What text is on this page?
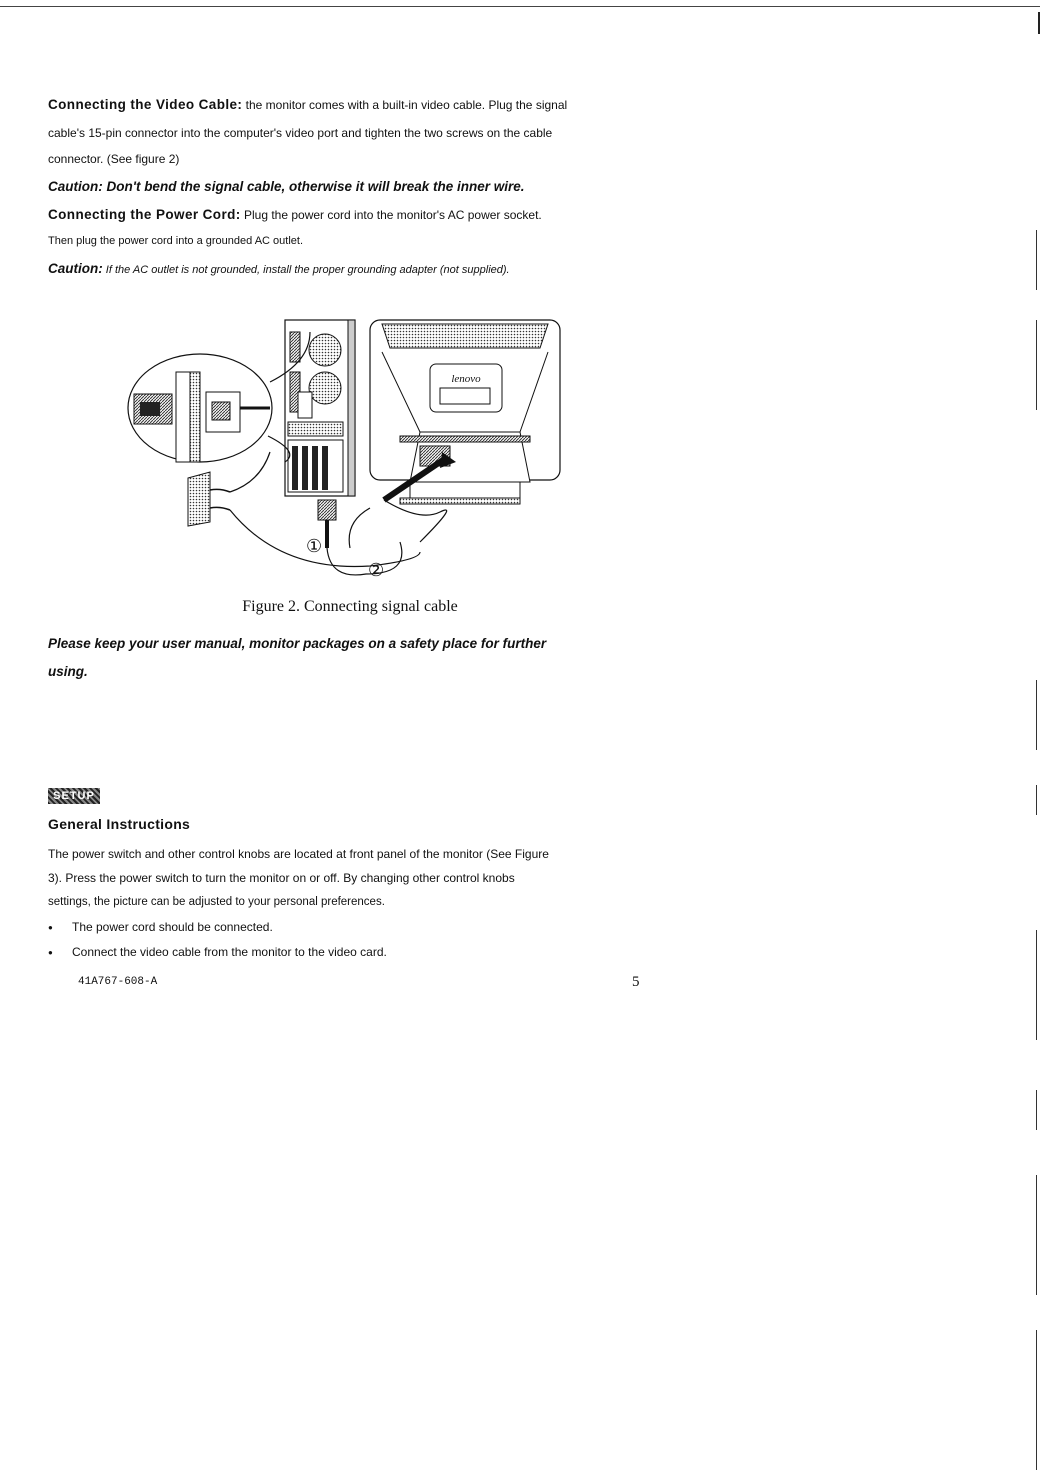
Connecting the Video Cable: the monitor comes with a built-in video cable. Plug the signal
cable's 15-pin connector into the computer's video port and tighten the two screws on the cable
connector. (See figure 2)
Caution: Don't bend the signal cable, otherwise it will break the inner wire.
Connecting the Power Cord: Plug the power cord into the monitor's AC power socket.
Then plug the power cord into a grounded AC outlet.
Caution: If the AC outlet is not grounded, install the proper grounding adapter (not supplied).
lenovo
①
②
Figure 2. Connecting signal cable
Please keep your user manual, monitor packages on a safety place for further
using.
SETUP
General Instructions
The power switch and other control knobs are located at front panel of the monitor (See Figure
3). Press the power switch to turn the monitor on or off. By changing other control knobs
settings, the picture can be adjusted to your personal preferences.
● The power cord should be connected.
● Connect the video cable from the monitor to the video card.
41A767-608-A	5
